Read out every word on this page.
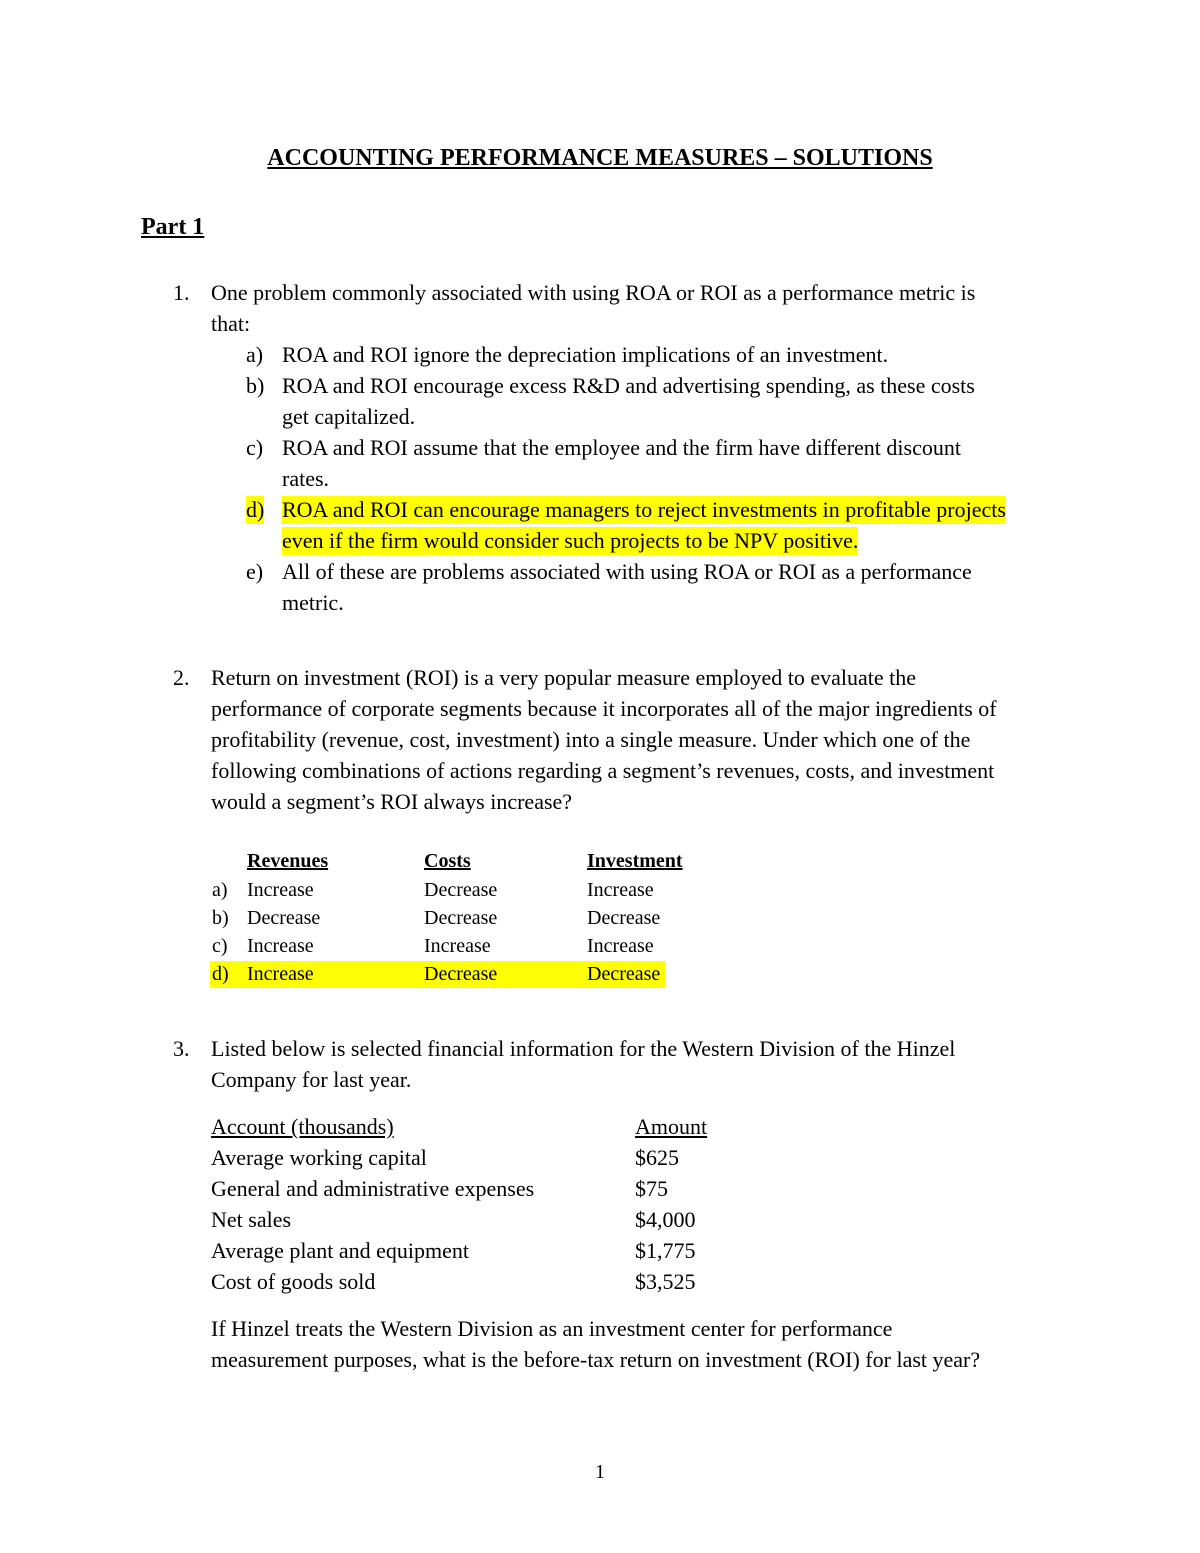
ACCOUNTING PERFORMANCE MEASURES – SOLUTIONS
Part 1
1. One problem commonly associated with using ROA or ROI as a performance metric is
that:
a) ROA and ROI ignore the depreciation implications of an investment.
b) ROA and ROI encourage excess R&D and advertising spending, as these costs
get capitalized.
c) ROA and ROI assume that the employee and the firm have different discount
rates.
d) ROA and ROI can encourage managers to reject investments in profitable projects
even if the firm would consider such projects to be NPV positive.
e) All of these are problems associated with using ROA or ROI as a performance
metric.
2. Return on investment (ROI) is a very popular measure employed to evaluate the
performance of corporate segments because it incorporates all of the major ingredients of
profitability (revenue, cost, investment) into a single measure. Under which one of the
following combinations of actions regarding a segment’s revenues, costs, and investment
would a segment’s ROI always increase?
Revenues	Costs	Investment
a) Increase	Decrease	Increase
b) Decrease	Decrease	Decrease
c) Increase	Increase	Increase
d) Increase	Decrease	Decrease
3. Listed below is selected financial information for the Western Division of the Hinzel
Company for last year.
Account (thousands)	Amount
Average working capital	$625
General and administrative expenses	$75
Net sales	$4,000
Average plant and equipment	$1,775
Cost of goods sold	$3,525
If Hinzel treats the Western Division as an investment center for performance
measurement purposes, what is the before-tax return on investment (ROI) for last year?
1
